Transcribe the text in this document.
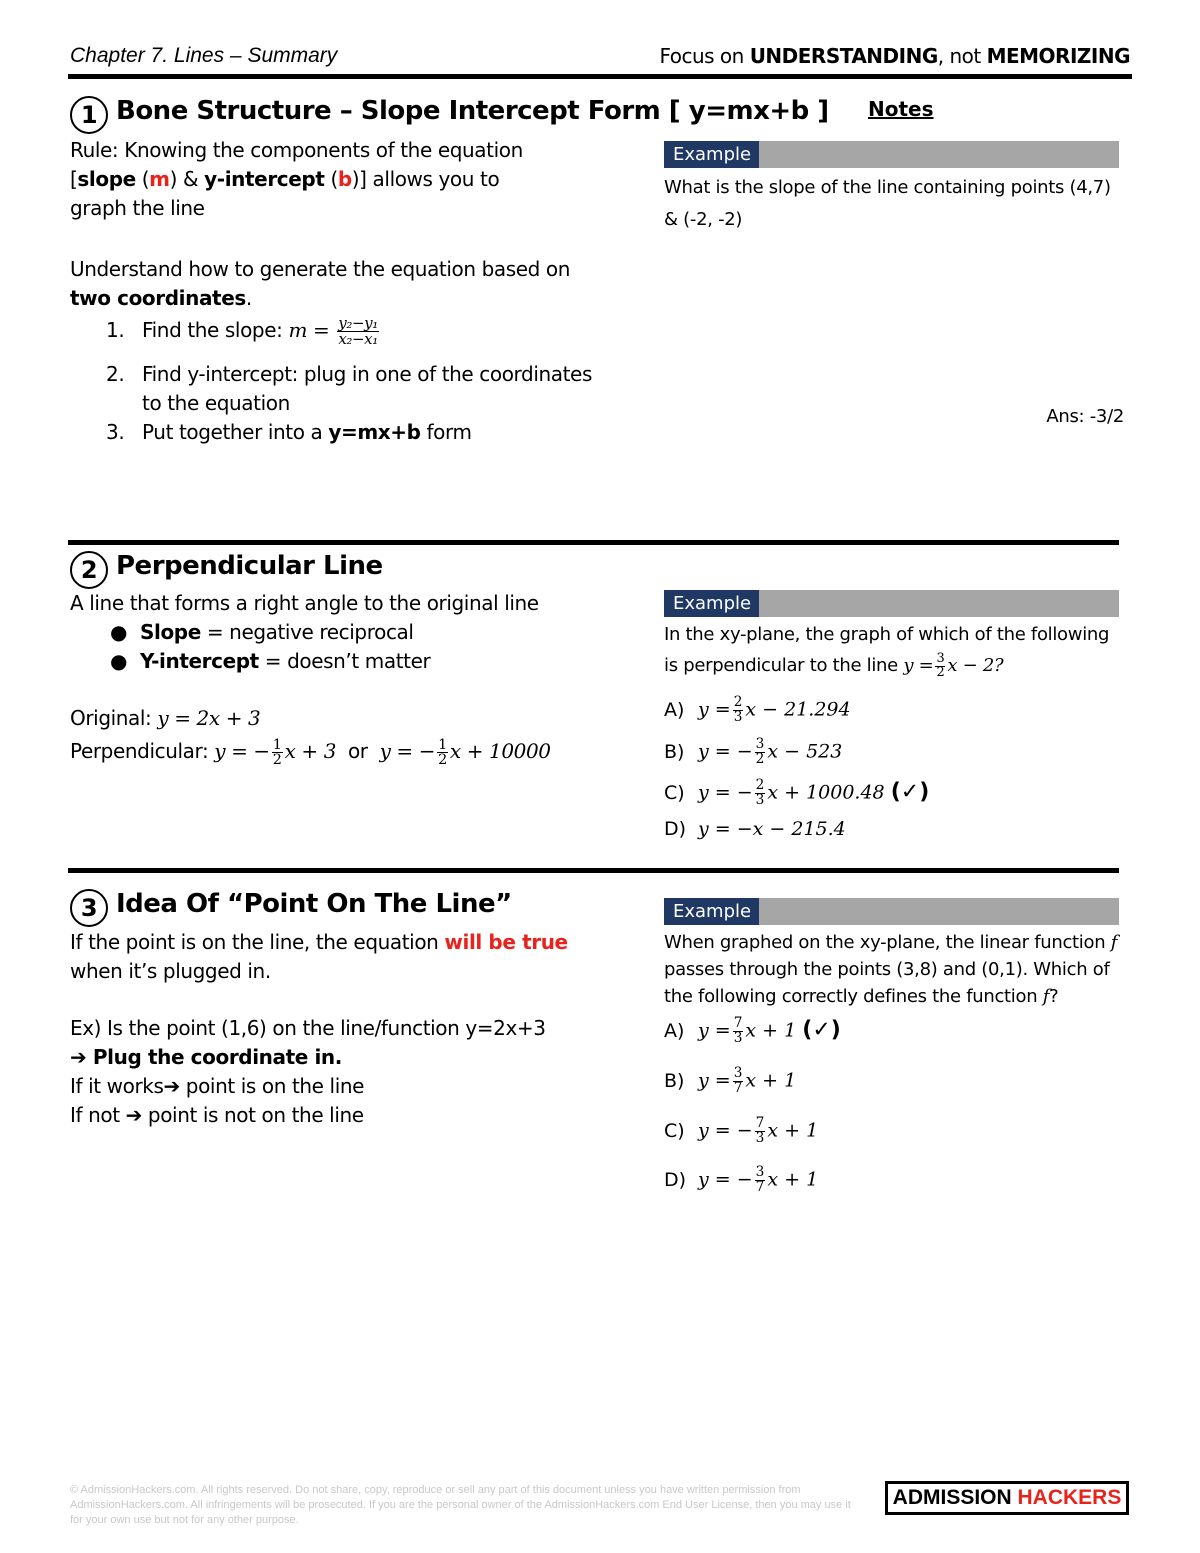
Chapter 7. Lines – Summary	Focus on UNDERSTANDING, not MEMORIZING
1 Bone Structure – Slope Intercept Form [ y=mx+b ] Notes
Rule: Knowing the components of the equation
[slope (m) & y-intercept (b)] allows you to
graph the line
Understand how to generate the equation based on
two coordinates.
1. Find the slope: $m = \frac{\text{y₂−y₁}}{\text{x₂−x₁}}$
2. Find y-intercept: plug in one of the coordinates
to the equation
3. Put together into a y=mx+b form
Example
What is the slope of the line containing points (4,7)
& (-2, -2)
Ans: -3/2
2 Perpendicular Line
A line that forms a right angle to the original line
● Slope = negative reciprocal
● Y-intercept = doesn’t matter
Original: y = 2x + 3
Perpendicular: y = − $\frac{1}{2}$ x + 3 or y = − $\frac{1}{2}$ x + 10000
Example
In the xy-plane, the graph of which of the following
is perpendicular to the line $y = \frac{3}{2}$ x − 2?
A) $y = \frac{2}{3}$ x − 21.294
B) y = − $\frac{3}{2}$ x − 523
C) y = − $\frac{2}{3}$ x + 1000.48 (✓)
D) y = −x − 215.4
3 Idea Of “Point On The Line”
If the point is on the line, the equation will be true
when it’s plugged in.
Ex) Is the point (1,6) on the line/function y=2x+3
➔ Plug the coordinate in.
If it works➔ point is on the line
If not ➔ point is not on the line
Example
When graphed on the xy-plane, the linear function f
passes through the points (3,8) and (0,1). Which of
the following correctly defines the function f?
A) $y = \frac{7}{3}$ x + 1 (✓)
B) $y = \frac{3}{7}$ x + 1
C) y = − $\frac{7}{3}$ x + 1
D) y = − $\frac{3}{7}$ x + 1
© AdmissionHackers.com. All rights reserved. Do not share, copy, reproduce or sell any part of this document unless you have written permission from AdmissionHackers.com. All infringements will be prosecuted. If you are the personal owner of the AdmissionHackers.com End User License, then you may use it for your own use but not for any other purpose.
ADMISSION HACKERS
